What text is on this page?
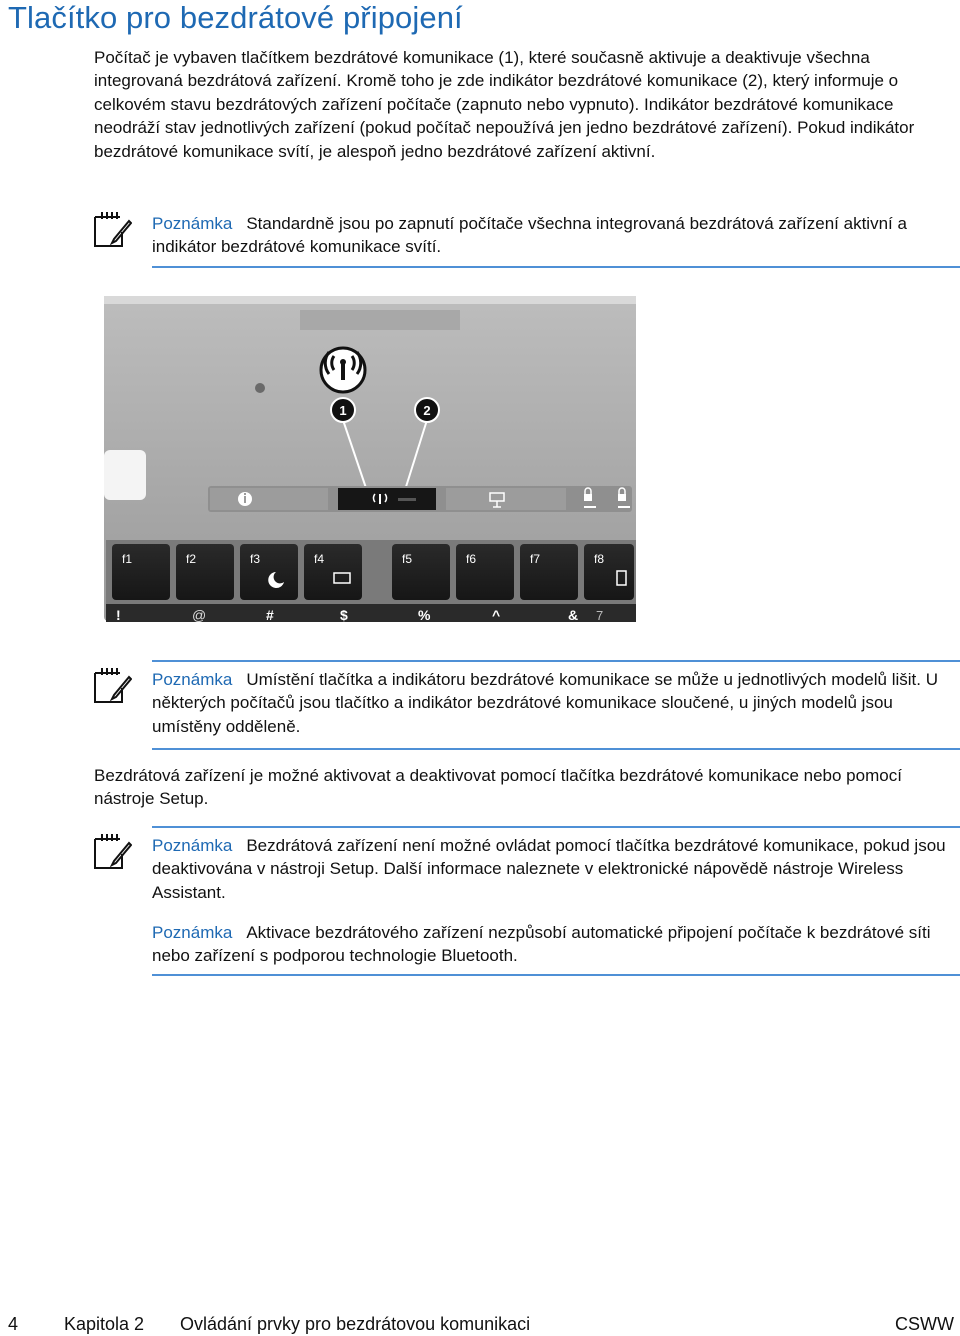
Tlačítko pro bezdrátové připojení

Počítač je vybaven tlačítkem bezdrátové komunikace (1), které současně aktivuje a deaktivuje všechna integrovaná bezdrátová zařízení. Kromě toho je zde indikátor bezdrátové komunikace (2), který informuje o celkovém stavu bezdrátových zařízení počítače (zapnuto nebo vypnuto). Indikátor bezdrátové komunikace neodráží stav jednotlivých zařízení (pokud počítač nepoužívá jen jedno bezdrátové zařízení). Pokud indikátor bezdrátové komunikace svítí, je alespoň jedno bezdrátové zařízení aktivní.

Poznámka Standardně jsou po zapnutí počítače všechna integrovaná bezdrátová zařízení aktivní a indikátor bezdrátové komunikace svítí.

1	2
f1	f2	f3	f4	f5	f6	f7	f8
!	@	#	$	%	^	& 7

Poznámka Umístění tlačítka a indikátoru bezdrátové komunikace se může u jednotlivých modelů lišit. U některých počítačů jsou tlačítko a indikátor bezdrátové komunikace sloučené, u jiných modelů jsou umístěny odděleně.

Bezdrátová zařízení je možné aktivovat a deaktivovat pomocí tlačítka bezdrátové komunikace nebo pomocí nástroje Setup.

Poznámka Bezdrátová zařízení není možné ovládat pomocí tlačítka bezdrátové komunikace, pokud jsou deaktivována v nástroji Setup. Další informace naleznete v elektronické nápovědě nástroje Wireless Assistant.

Poznámka Aktivace bezdrátového zařízení nezpůsobí automatické připojení počítače k bezdrátové síti nebo zařízení s podporou technologie Bluetooth.

4	Kapitola 2 Ovládání prvky pro bezdrátovou komunikaci	CSWW
